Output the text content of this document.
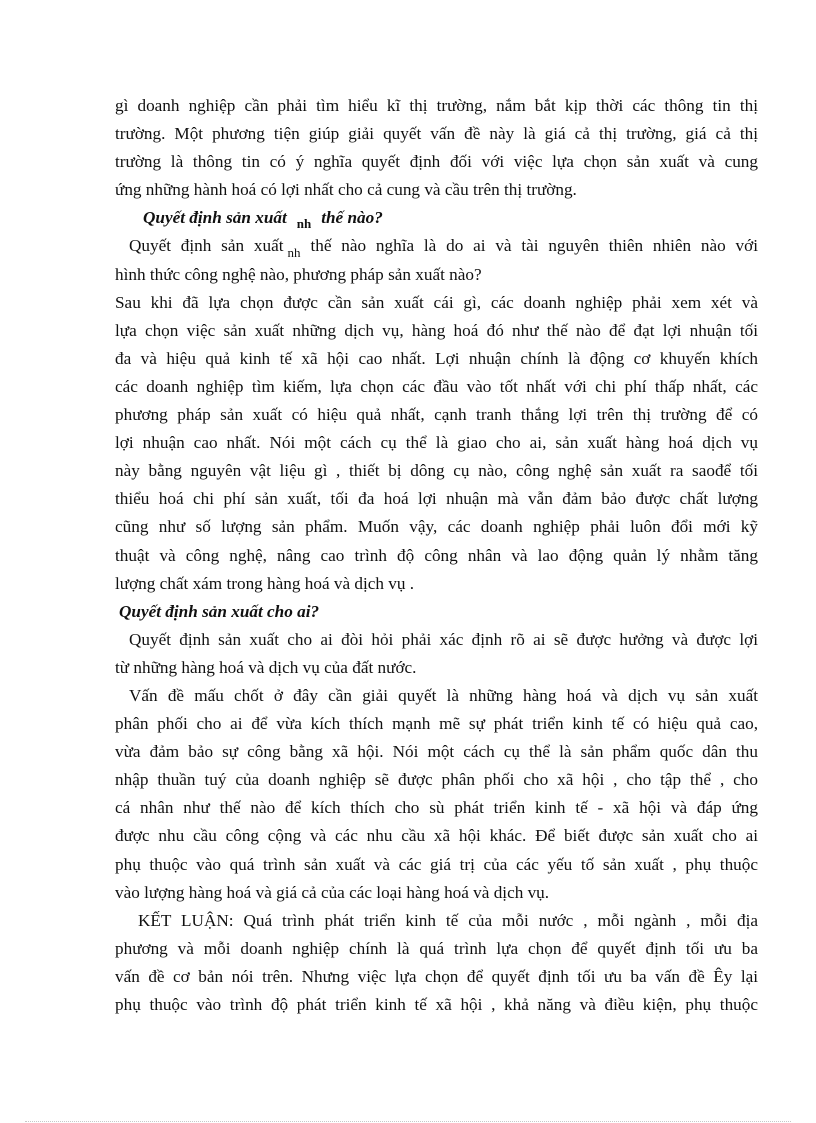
gì doanh nghiệp cần phải tìm hiểu kĩ thị trường, nắm bắt kịp thời các thông tin thị
trường. Một phương tiện giúp giải quyết vấn đề này là giá cả thị trường, giá cả thị
trường là thông tin có ý nghĩa quyết định đối với việc lựa chọn sản xuất và cung
ứng những hành hoá có lợi nhất cho cả cung và cầu trên thị trường.
Quyết định sản xuất $_{nh}$ thế nào?
Quyết định sản xuất $_{nh}$ thế nào nghĩa là do ai và tài nguyên thiên nhiên nào với
hình thức công nghệ nào, phương pháp sản xuất nào?
Sau khi đã lựa chọn được cần sản xuất cái gì, các doanh nghiệp phải xem xét và
lựa chọn việc sản xuất những dịch vụ, hàng hoá đó như thế nào để đạt lợi nhuận tối
đa và hiệu quả kinh tế xã hội cao nhất. Lợi nhuận chính là động cơ khuyến khích
các doanh nghiệp tìm kiếm, lựa chọn các đầu vào tốt nhất với chi phí thấp nhất, các
phương pháp sản xuất có hiệu quả nhất, cạnh tranh thắng lợi trên thị trường để có
lợi nhuận cao nhất. Nói một cách cụ thể là giao cho ai, sản xuất hàng hoá dịch vụ
này bằng nguyên vật liệu gì , thiết bị dông cụ nào, công nghệ sản xuất ra saođể tối
thiểu hoá chi phí sản xuất, tối đa hoá lợi nhuận mà vẫn đảm bảo được chất lượng
cũng như số lượng sản phẩm. Muốn vậy, các doanh nghiệp phải luôn đổi mới kỹ
thuật và công nghệ, nâng cao trình độ công nhân và lao động quản lý nhằm tăng
lượng chất xám trong hàng hoá và dịch vụ .
Quyết định sản xuất cho ai?
Quyết định sản xuất cho ai đòi hỏi phải xác định rõ ai sẽ được hưởng và được lợi
từ những hàng hoá và dịch vụ của đất nước.
Vấn đề mấu chốt ở đây cần giải quyết là những hàng hoá và dịch vụ sản xuất
phân phối cho ai để vừa kích thích mạnh mẽ sự phát triển kinh tế có hiệu quả cao,
vừa đảm bảo sự công bằng xã hội. Nói một cách cụ thể là sản phẩm quốc dân thu
nhập thuần tuý của doanh nghiệp sẽ được phân phối cho xã hội , cho tập thể , cho
cá nhân như thế nào để kích thích cho sù phát triển kinh tế - xã hội và đáp ứng
được nhu cầu công cộng và các nhu cầu xã hội khác. Để biết được sản xuất cho ai
phụ thuộc vào quá trình sản xuất và các giá trị của các yếu tố sản xuất , phụ thuộc
vào lượng hàng hoá và giá cả của các loại hàng hoá và dịch vụ.
KẾT LUẬN: Quá trình phát triển kinh tế của mỗi nước , mỗi ngành , mỗi địa
phương và mỗi doanh nghiệp chính là quá trình lựa chọn để quyết định tối ưu ba
vấn đề cơ bản nói trên. Nhưng việc lựa chọn để quyết định tối ưu ba vấn đề Êy lại
phụ thuộc vào trình độ phát triển kinh tế xã hội , khả năng và điều kiện, phụ thuộc
